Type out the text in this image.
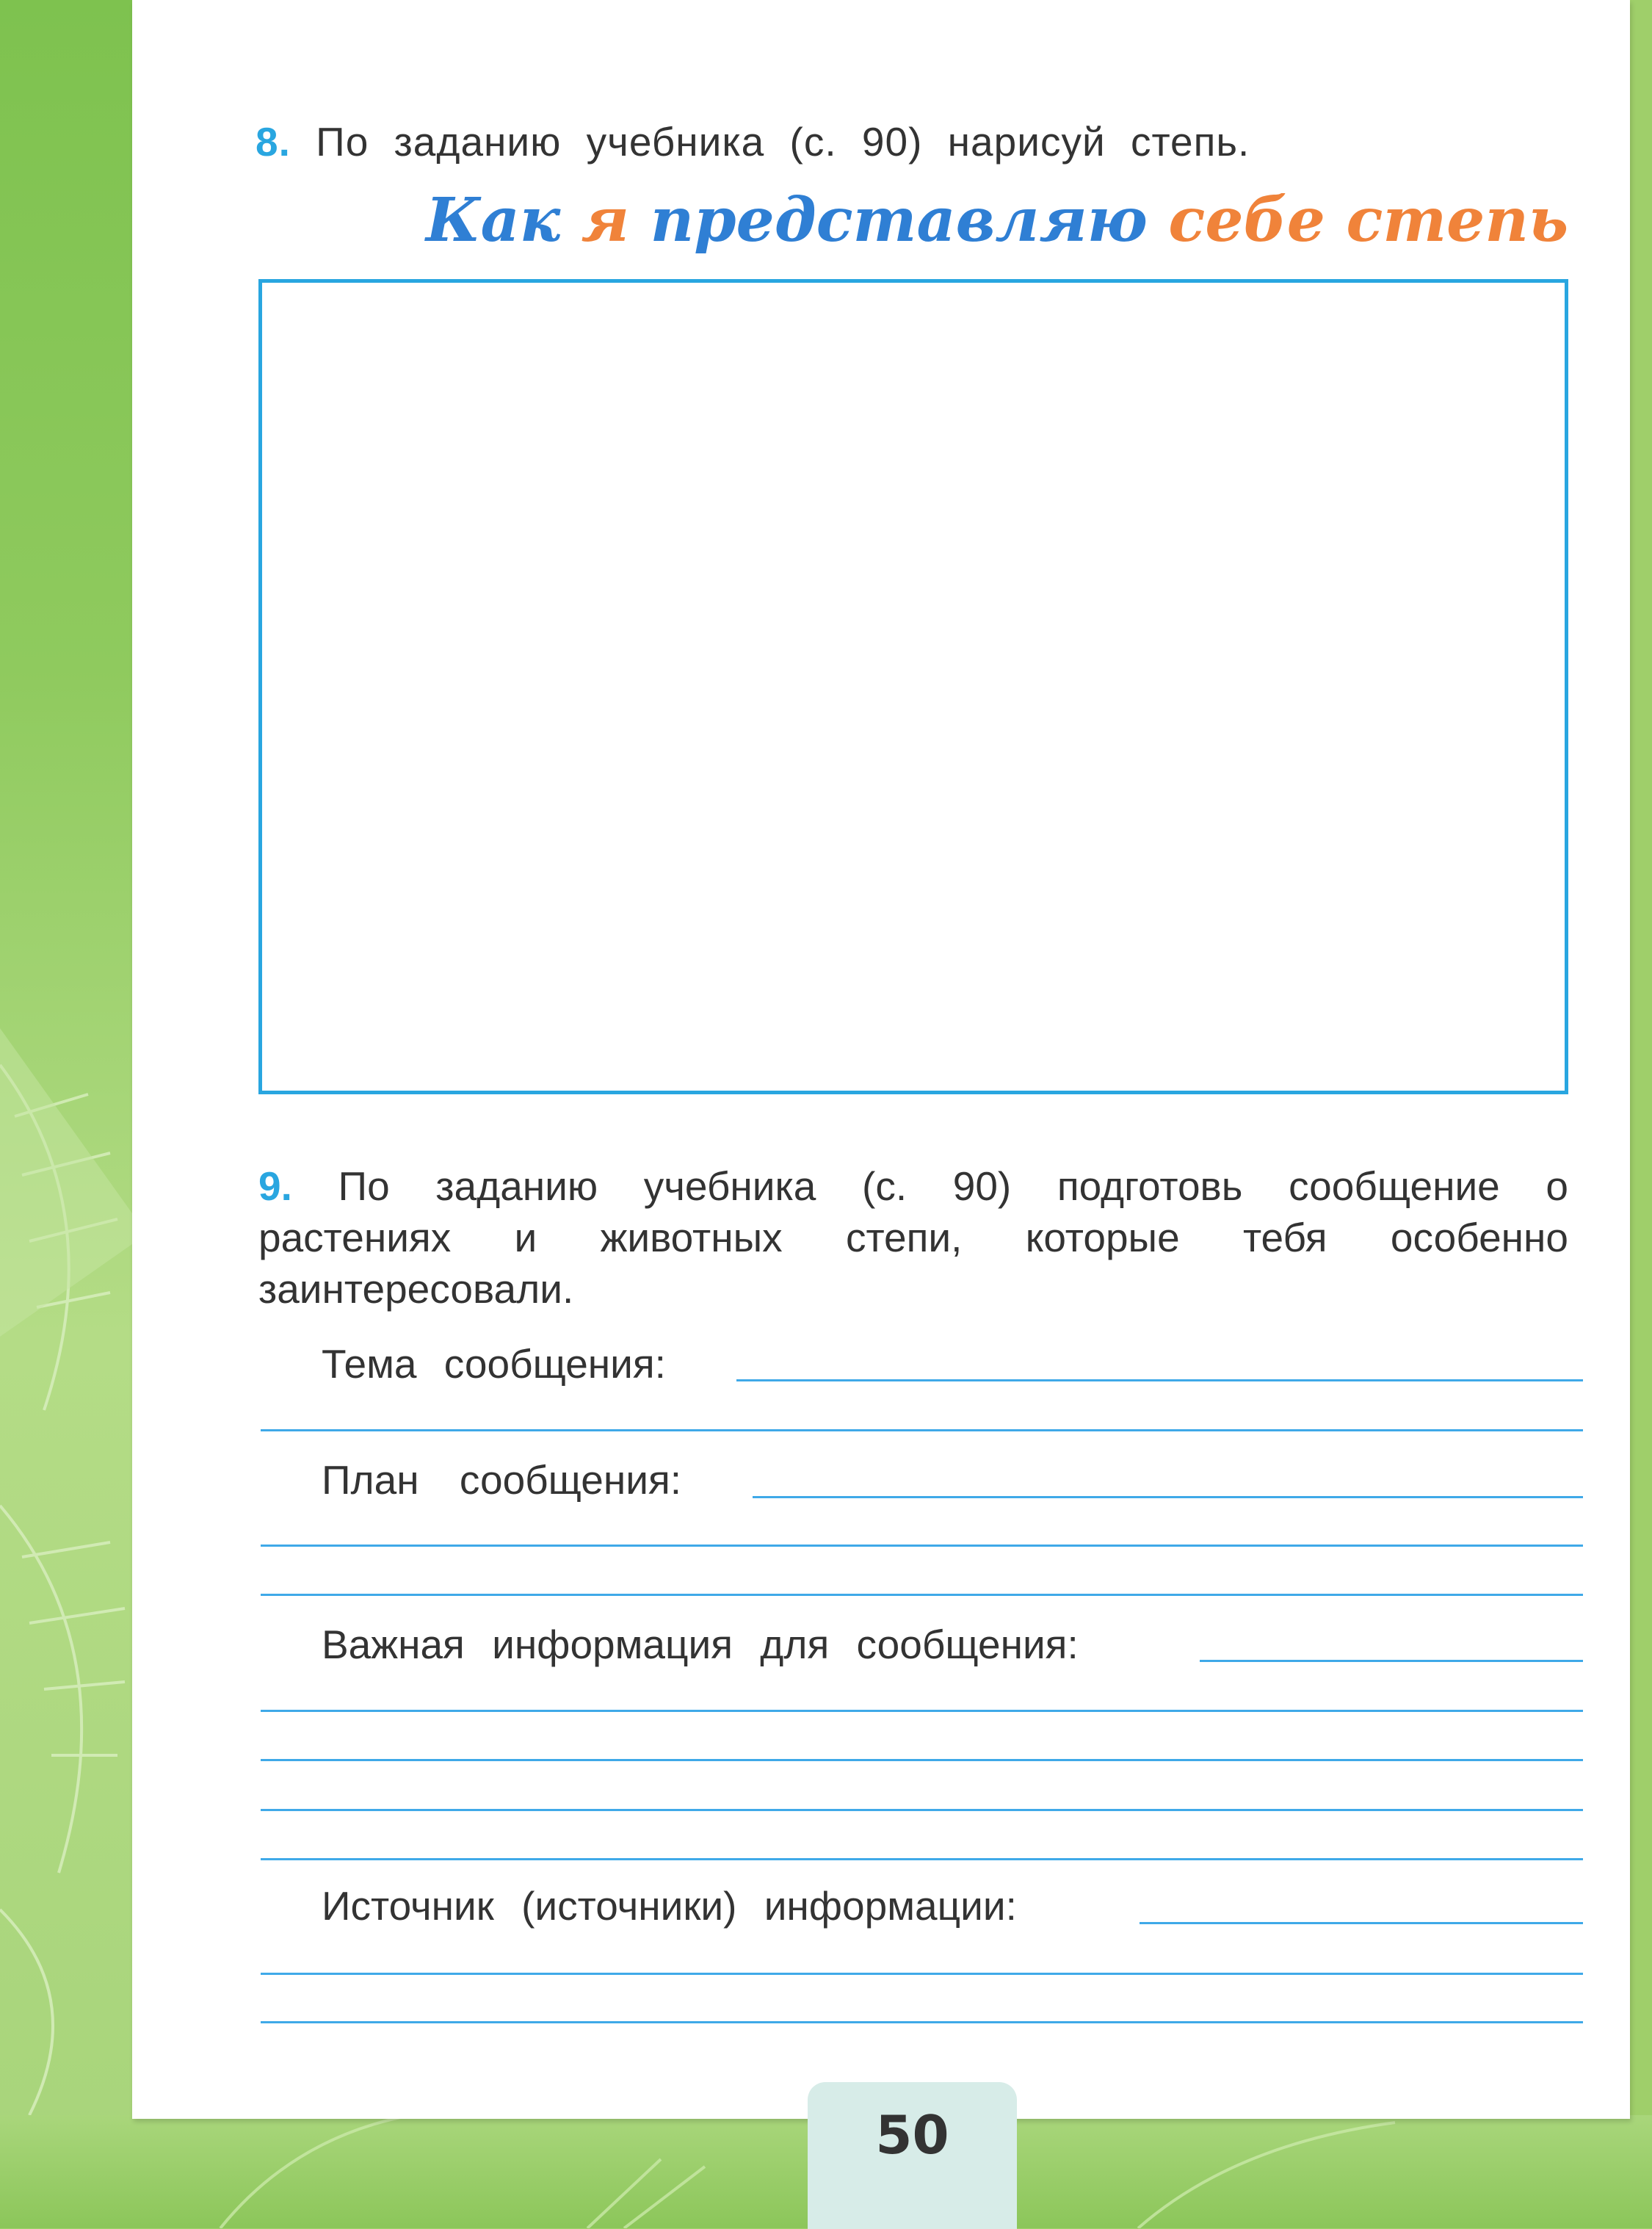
8. По заданию учебника (с. 90) нарисуй степь.
Как я представляю себе степь
9. По заданию учебника (с. 90) подготовь сообщение о растениях и животных степи, которые тебя особенно заинтересовали.
Тема сообщения:
План сообщения:
Важная информация для сообщения:
Источник (источники) информации:
50
